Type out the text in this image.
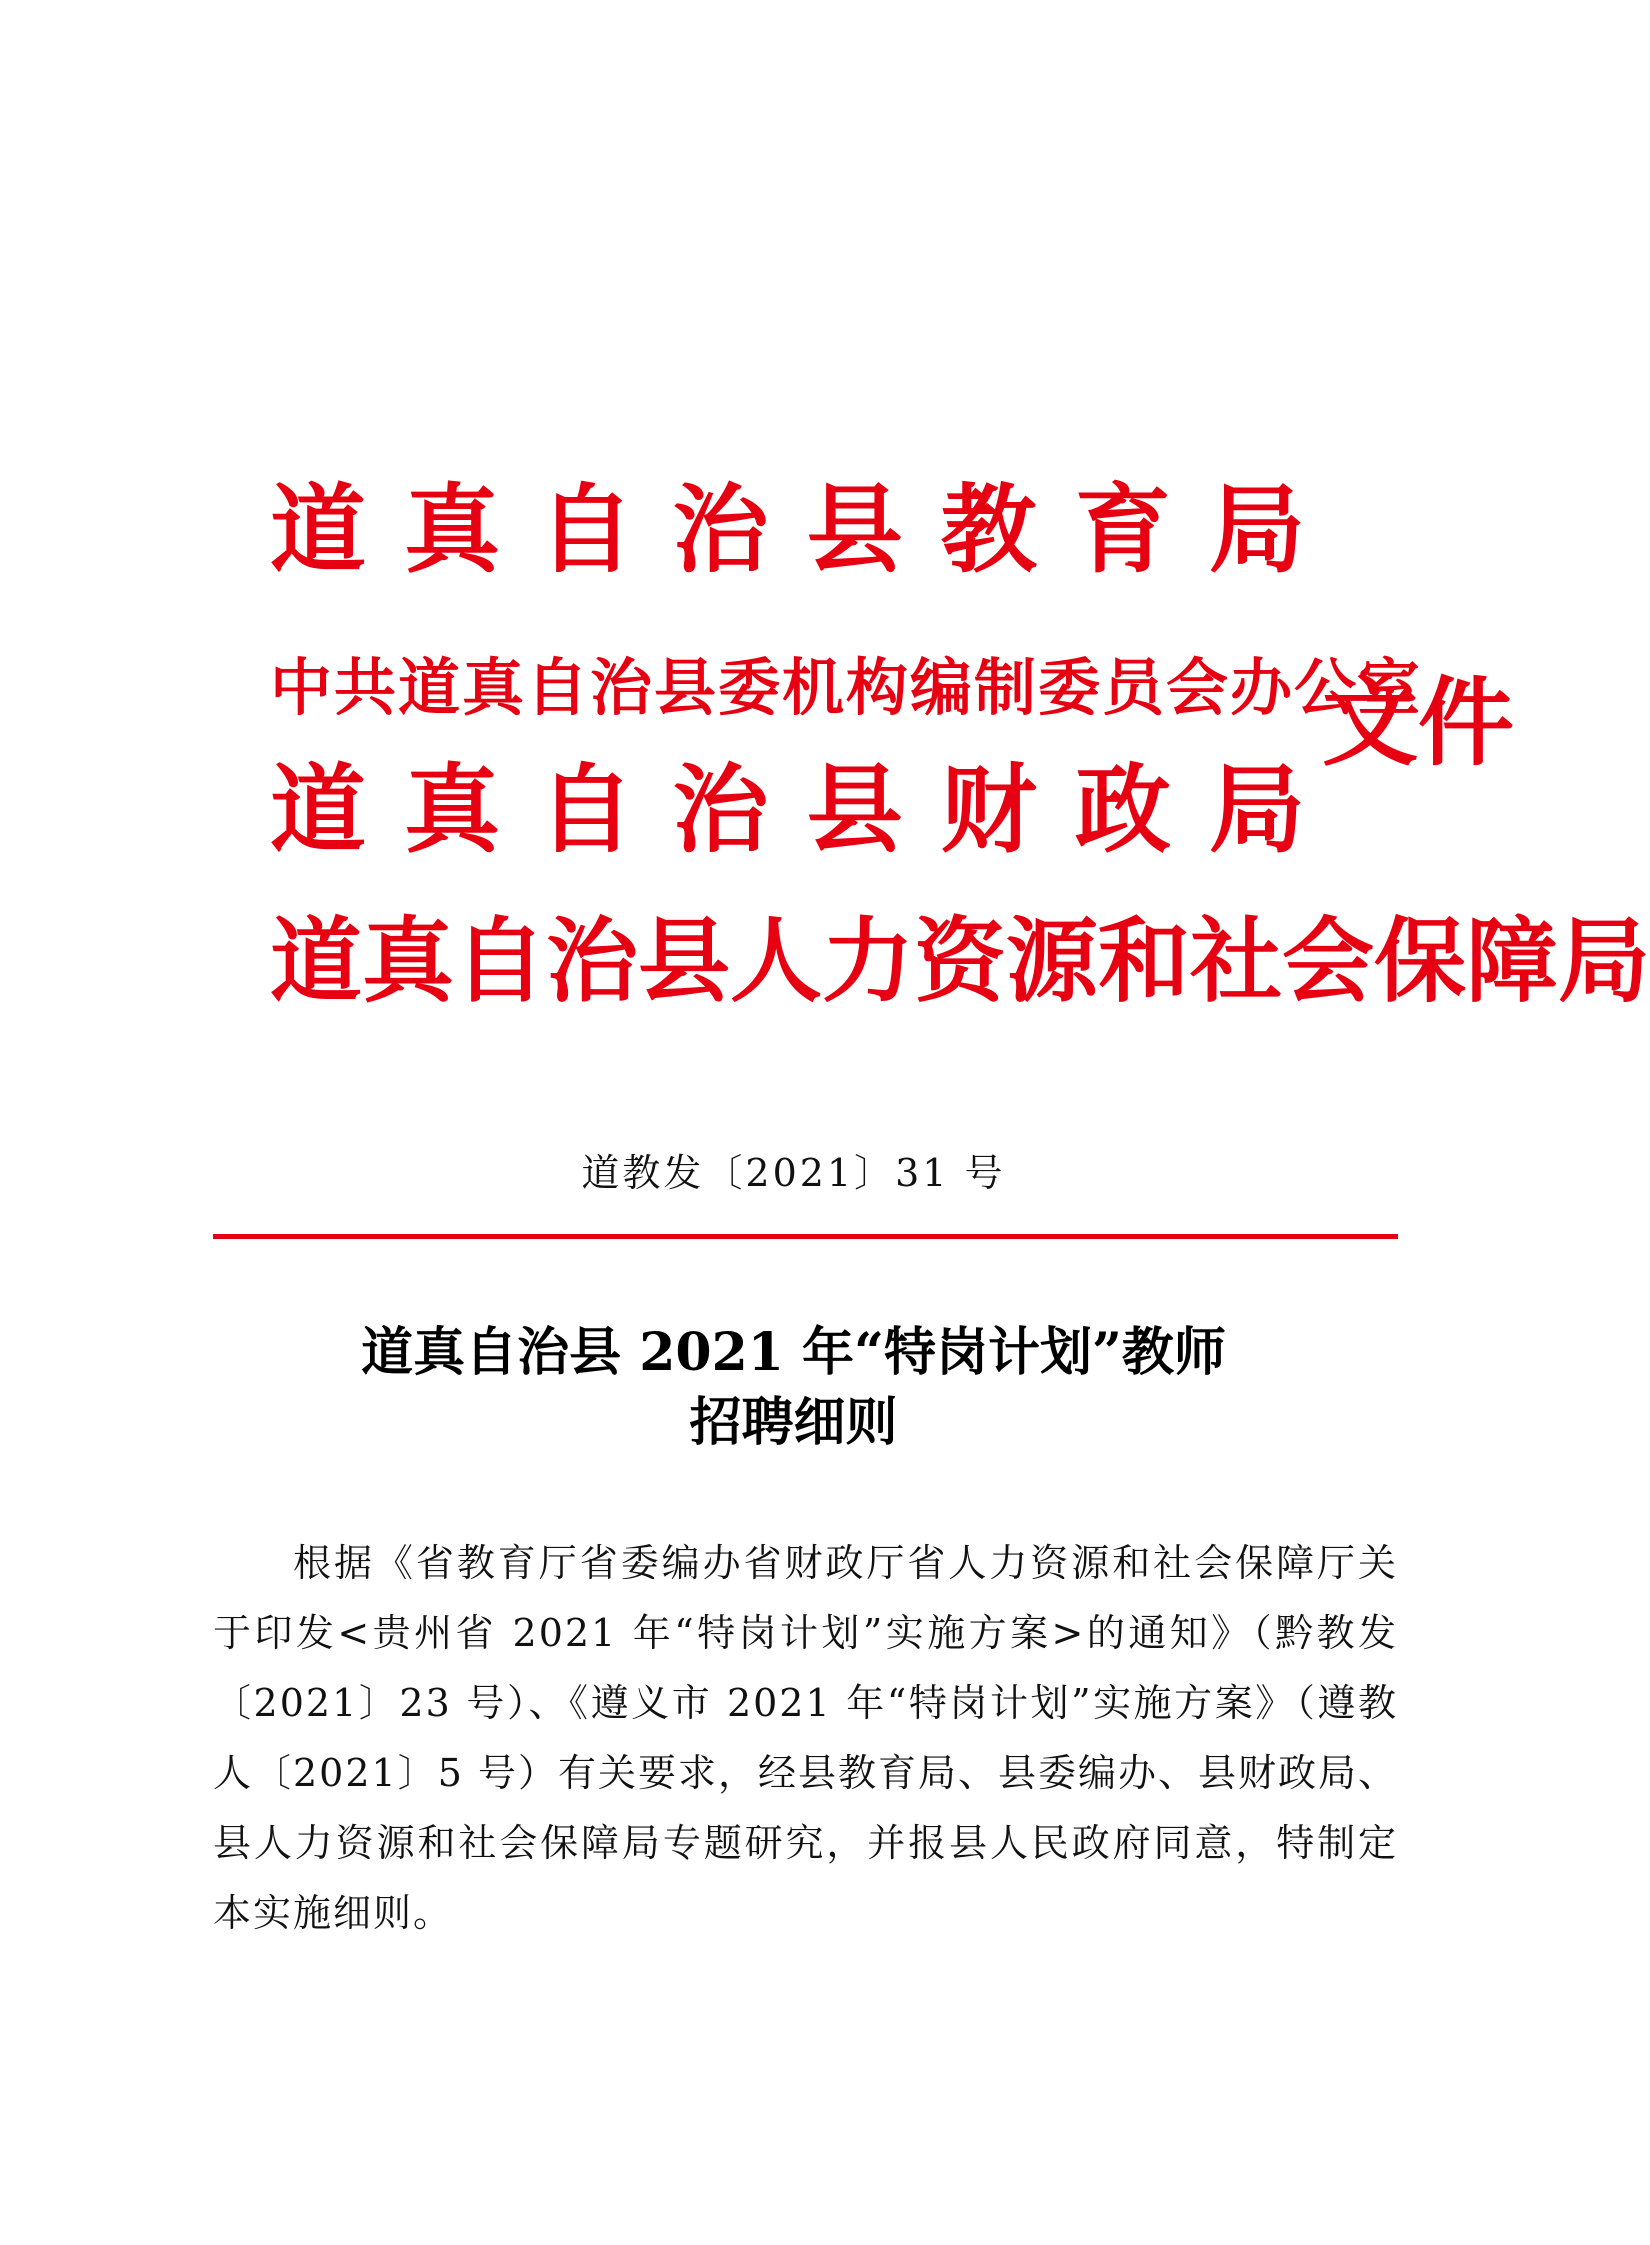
道 真 自 治 县 教 育 局
中共道真自治县委机构编制委员会办公室
道 真 自 治 县 财 政 局
道真自治县人力资源和社会保障局
文件
道教发〔2021〕31 号
道真自治县 2021 年“特岗计划”教师
招聘细则

根据《省教育厅省委编办省财政厅省人力资源和社会保障厅关于印发<贵州省 2021 年“特岗计划”实施方案>的通知》（黔教发〔2021〕23 号）、《遵义市 2021 年“特岗计划”实施方案》（遵教人〔2021〕5 号）有关要求，经县教育局、县委编办、县财政局、县人力资源和社会保障局专题研究，并报县人民政府同意，特制定本实施细则。
